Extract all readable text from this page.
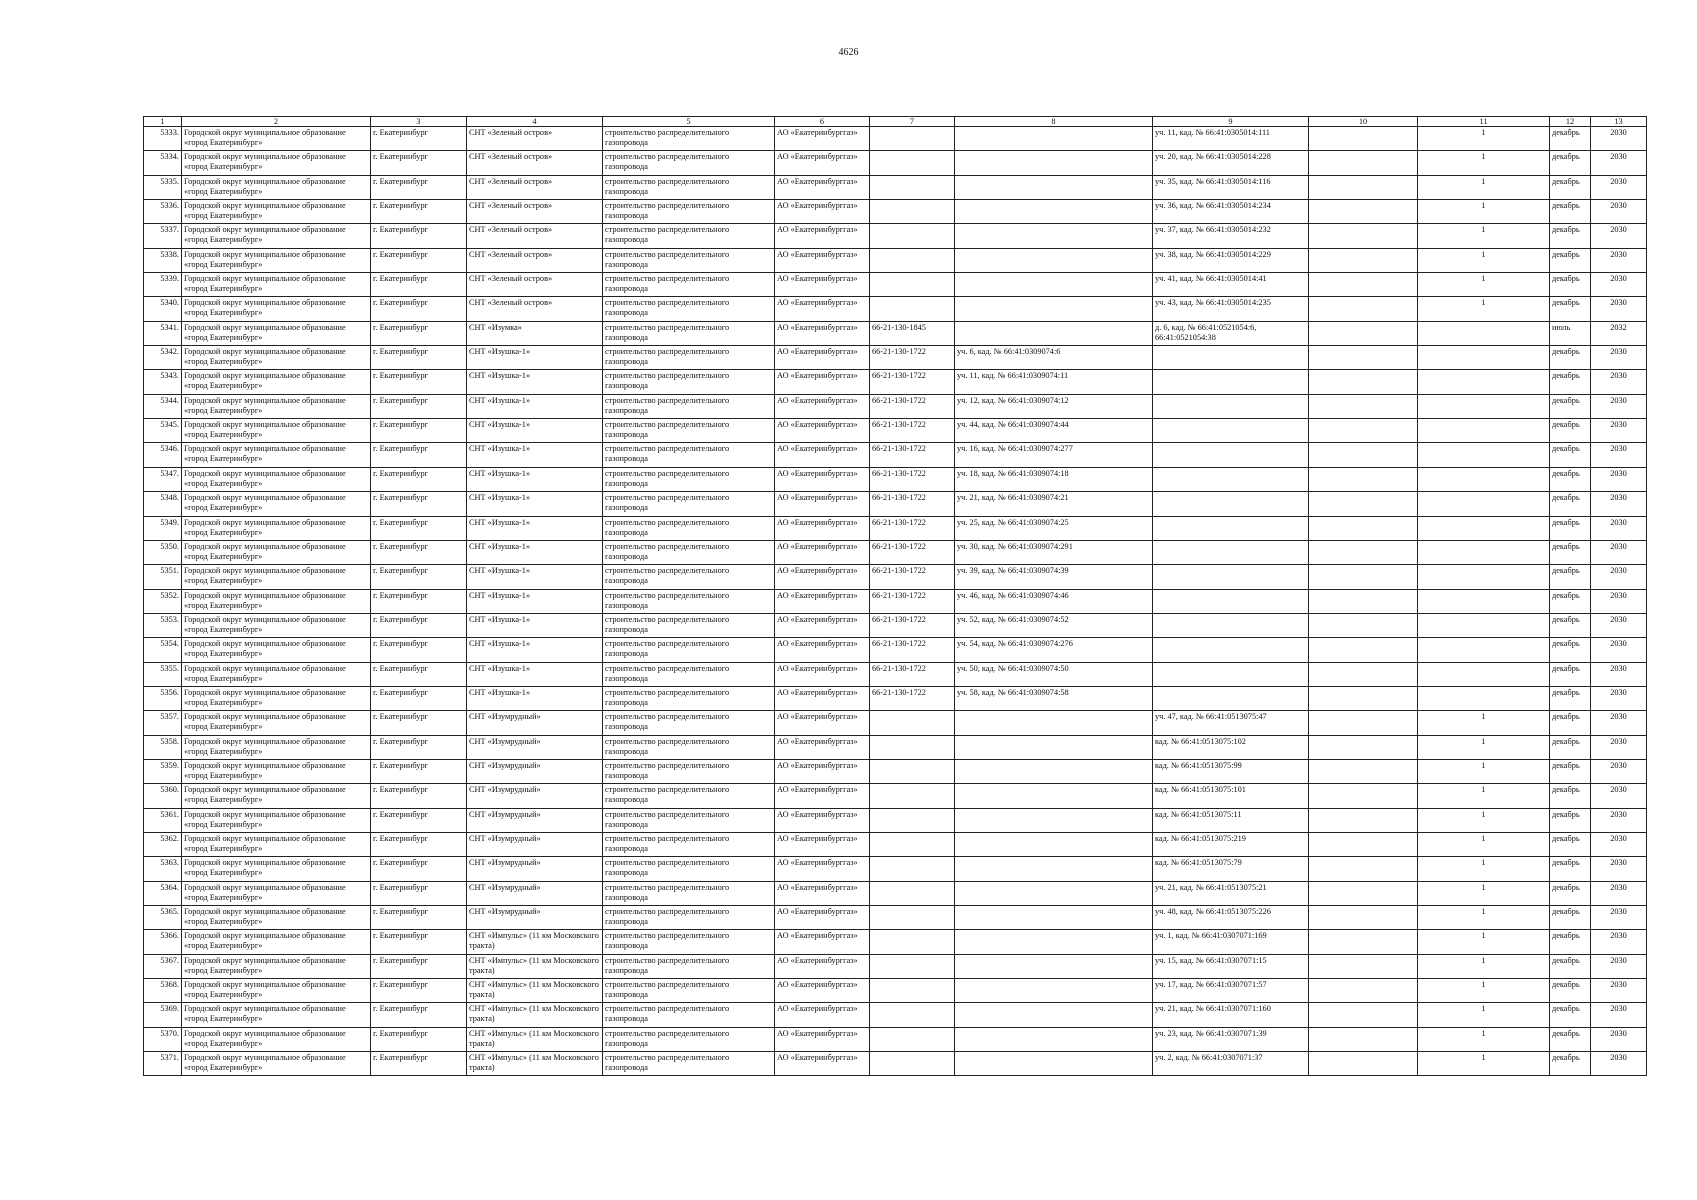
4626
1	2	3	4	5	6	7	8	9	10	11	12	13
5333.	Городской округ муниципальное образование «город Екатеринбург»	г. Екатеринбург	СНТ «Зеленый остров»	строительство распределительного газопровода	АО «Екатеринбурггаз»			уч. 11, кад. № 66:41:0305014:111		1	декабрь	2030
5334.	Городской округ муниципальное образование «город Екатеринбург»	г. Екатеринбург	СНТ «Зеленый остров»	строительство распределительного газопровода	АО «Екатеринбурггаз»			уч. 20, кад. № 66:41:0305014:228		1	декабрь	2030
5335.	Городской округ муниципальное образование «город Екатеринбург»	г. Екатеринбург	СНТ «Зеленый остров»	строительство распределительного газопровода	АО «Екатеринбурггаз»			уч. 35, кад. № 66:41:0305014:116		1	декабрь	2030
5336.	Городской округ муниципальное образование «город Екатеринбург»	г. Екатеринбург	СНТ «Зеленый остров»	строительство распределительного газопровода	АО «Екатеринбурггаз»			уч. 36, кад. № 66:41:0305014:234		1	декабрь	2030
5337.	Городской округ муниципальное образование «город Екатеринбург»	г. Екатеринбург	СНТ «Зеленый остров»	строительство распределительного газопровода	АО «Екатеринбурггаз»			уч. 37, кад. № 66:41:0305014:232		1	декабрь	2030
5338.	Городской округ муниципальное образование «город Екатеринбург»	г. Екатеринбург	СНТ «Зеленый остров»	строительство распределительного газопровода	АО «Екатеринбурггаз»			уч. 38, кад. № 66:41:0305014:229		1	декабрь	2030
5339.	Городской округ муниципальное образование «город Екатеринбург»	г. Екатеринбург	СНТ «Зеленый остров»	строительство распределительного газопровода	АО «Екатеринбурггаз»			уч. 41, кад. № 66:41:0305014:41		1	декабрь	2030
5340.	Городской округ муниципальное образование «город Екатеринбург»	г. Екатеринбург	СНТ «Зеленый остров»	строительство распределительного газопровода	АО «Екатеринбурггаз»			уч. 43, кад. № 66:41:0305014:235		1	декабрь	2030
5341.	Городской округ муниципальное образование «город Екатеринбург»	г. Екатеринбург	СНТ «Изумка»	строительство распределительного газопровода	АО «Екатеринбурггаз»	66-21-130-1845		д. 6, кад. № 66:41:0521054:6, 66:41:0521054:38			июль	2032
5342.	Городской округ муниципальное образование «город Екатеринбург»	г. Екатеринбург	СНТ «Изушка-1»	строительство распределительного газопровода	АО «Екатеринбурггаз»	66-21-130-1722	уч. 6, кад. № 66:41:0309074:6				декабрь	2030
5343.	Городской округ муниципальное образование «город Екатеринбург»	г. Екатеринбург	СНТ «Изушка-1»	строительство распределительного газопровода	АО «Екатеринбурггаз»	66-21-130-1722	уч. 11, кад. № 66:41:0309074:11				декабрь	2030
5344.	Городской округ муниципальное образование «город Екатеринбург»	г. Екатеринбург	СНТ «Изушка-1»	строительство распределительного газопровода	АО «Екатеринбурггаз»	66-21-130-1722	уч. 12, кад. № 66:41:0309074:12				декабрь	2030
5345.	Городской округ муниципальное образование «город Екатеринбург»	г. Екатеринбург	СНТ «Изушка-1»	строительство распределительного газопровода	АО «Екатеринбурггаз»	66-21-130-1722	уч. 44, кад. № 66:41:0309074:44				декабрь	2030
5346.	Городской округ муниципальное образование «город Екатеринбург»	г. Екатеринбург	СНТ «Изушка-1»	строительство распределительного газопровода	АО «Екатеринбурггаз»	66-21-130-1722	уч. 16, кад. № 66:41:0309074:277				декабрь	2030
5347.	Городской округ муниципальное образование «город Екатеринбург»	г. Екатеринбург	СНТ «Изушка-1»	строительство распределительного газопровода	АО «Екатеринбурггаз»	66-21-130-1722	уч. 18, кад. № 66:41:0309074:18				декабрь	2030
5348.	Городской округ муниципальное образование «город Екатеринбург»	г. Екатеринбург	СНТ «Изушка-1»	строительство распределительного газопровода	АО «Екатеринбурггаз»	66-21-130-1722	уч. 21, кад. № 66:41:0309074:21				декабрь	2030
5349.	Городской округ муниципальное образование «город Екатеринбург»	г. Екатеринбург	СНТ «Изушка-1»	строительство распределительного газопровода	АО «Екатеринбурггаз»	66-21-130-1722	уч. 25, кад. № 66:41:0309074:25				декабрь	2030
5350.	Городской округ муниципальное образование «город Екатеринбург»	г. Екатеринбург	СНТ «Изушка-1»	строительство распределительного газопровода	АО «Екатеринбурггаз»	66-21-130-1722	уч. 30, кад. № 66:41:0309074:291				декабрь	2030
5351.	Городской округ муниципальное образование «город Екатеринбург»	г. Екатеринбург	СНТ «Изушка-1»	строительство распределительного газопровода	АО «Екатеринбурггаз»	66-21-130-1722	уч. 39, кад. № 66:41:0309074:39				декабрь	2030
5352.	Городской округ муниципальное образование «город Екатеринбург»	г. Екатеринбург	СНТ «Изушка-1»	строительство распределительного газопровода	АО «Екатеринбурггаз»	66-21-130-1722	уч. 46, кад. № 66:41:0309074:46				декабрь	2030
5353.	Городской округ муниципальное образование «город Екатеринбург»	г. Екатеринбург	СНТ «Изушка-1»	строительство распределительного газопровода	АО «Екатеринбурггаз»	66-21-130-1722	уч. 52, кад. № 66:41:0309074:52				декабрь	2030
5354.	Городской округ муниципальное образование «город Екатеринбург»	г. Екатеринбург	СНТ «Изушка-1»	строительство распределительного газопровода	АО «Екатеринбурггаз»	66-21-130-1722	уч. 54, кад. № 66:41:0309074:276				декабрь	2030
5355.	Городской округ муниципальное образование «город Екатеринбург»	г. Екатеринбург	СНТ «Изушка-1»	строительство распределительного газопровода	АО «Екатеринбурггаз»	66-21-130-1722	уч. 50, кад. № 66:41:0309074:50				декабрь	2030
5356.	Городской округ муниципальное образование «город Екатеринбург»	г. Екатеринбург	СНТ «Изушка-1»	строительство распределительного газопровода	АО «Екатеринбурггаз»	66-21-130-1722	уч. 58, кад. № 66:41:0309074:58				декабрь	2030
5357.	Городской округ муниципальное образование «город Екатеринбург»	г. Екатеринбург	СНТ «Изумрудный»	строительство распределительного газопровода	АО «Екатеринбурггаз»			уч. 47, кад. № 66:41:0513075:47		1	декабрь	2030
5358.	Городской округ муниципальное образование «город Екатеринбург»	г. Екатеринбург	СНТ «Изумрудный»	строительство распределительного газопровода	АО «Екатеринбурггаз»			кад. № 66:41:0513075:102		1	декабрь	2030
5359.	Городской округ муниципальное образование «город Екатеринбург»	г. Екатеринбург	СНТ «Изумрудный»	строительство распределительного газопровода	АО «Екатеринбурггаз»			кад. № 66:41:0513075:99		1	декабрь	2030
5360.	Городской округ муниципальное образование «город Екатеринбург»	г. Екатеринбург	СНТ «Изумрудный»	строительство распределительного газопровода	АО «Екатеринбурггаз»			кад. № 66:41:0513075:101		1	декабрь	2030
5361.	Городской округ муниципальное образование «город Екатеринбург»	г. Екатеринбург	СНТ «Изумрудный»	строительство распределительного газопровода	АО «Екатеринбурггаз»			кад. № 66:41:0513075:11		1	декабрь	2030
5362.	Городской округ муниципальное образование «город Екатеринбург»	г. Екатеринбург	СНТ «Изумрудный»	строительство распределительного газопровода	АО «Екатеринбурггаз»			кад. № 66:41:0513075:219		1	декабрь	2030
5363.	Городской округ муниципальное образование «город Екатеринбург»	г. Екатеринбург	СНТ «Изумрудный»	строительство распределительного газопровода	АО «Екатеринбурггаз»			кад. № 66:41:0513075:79		1	декабрь	2030
5364.	Городской округ муниципальное образование «город Екатеринбург»	г. Екатеринбург	СНТ «Изумрудный»	строительство распределительного газопровода	АО «Екатеринбурггаз»			уч. 21, кад. № 66:41:0513075:21		1	декабрь	2030
5365.	Городской округ муниципальное образование «город Екатеринбург»	г. Екатеринбург	СНТ «Изумрудный»	строительство распределительного газопровода	АО «Екатеринбурггаз»			уч. 48, кад. № 66:41:0513075:226		1	декабрь	2030
5366.	Городской округ муниципальное образование «город Екатеринбург»	г. Екатеринбург	СНТ «Импульс» (11 км Московского тракта)	строительство распределительного газопровода	АО «Екатеринбурггаз»			уч. 1, кад. № 66:41:0307071:169		1	декабрь	2030
5367.	Городской округ муниципальное образование «город Екатеринбург»	г. Екатеринбург	СНТ «Импульс» (11 км Московского тракта)	строительство распределительного газопровода	АО «Екатеринбурггаз»			уч. 15, кад. № 66:41:0307071:15		1	декабрь	2030
5368.	Городской округ муниципальное образование «город Екатеринбург»	г. Екатеринбург	СНТ «Импульс» (11 км Московского тракта)	строительство распределительного газопровода	АО «Екатеринбурггаз»			уч. 17, кад. № 66:41:0307071:57		1	декабрь	2030
5369.	Городской округ муниципальное образование «город Екатеринбург»	г. Екатеринбург	СНТ «Импульс» (11 км Московского тракта)	строительство распределительного газопровода	АО «Екатеринбурггаз»			уч. 21, кад. № 66:41:0307071:160		1	декабрь	2030
5370.	Городской округ муниципальное образование «город Екатеринбург»	г. Екатеринбург	СНТ «Импульс» (11 км Московского тракта)	строительство распределительного газопровода	АО «Екатеринбурггаз»			уч. 23, кад. № 66:41:0307071:39		1	декабрь	2030
5371.	Городской округ муниципальное образование «город Екатеринбург»	г. Екатеринбург	СНТ «Импульс» (11 км Московского тракта)	строительство распределительного газопровода	АО «Екатеринбурггаз»			уч. 2, кад. № 66:41:0307071:37		1	декабрь	2030
